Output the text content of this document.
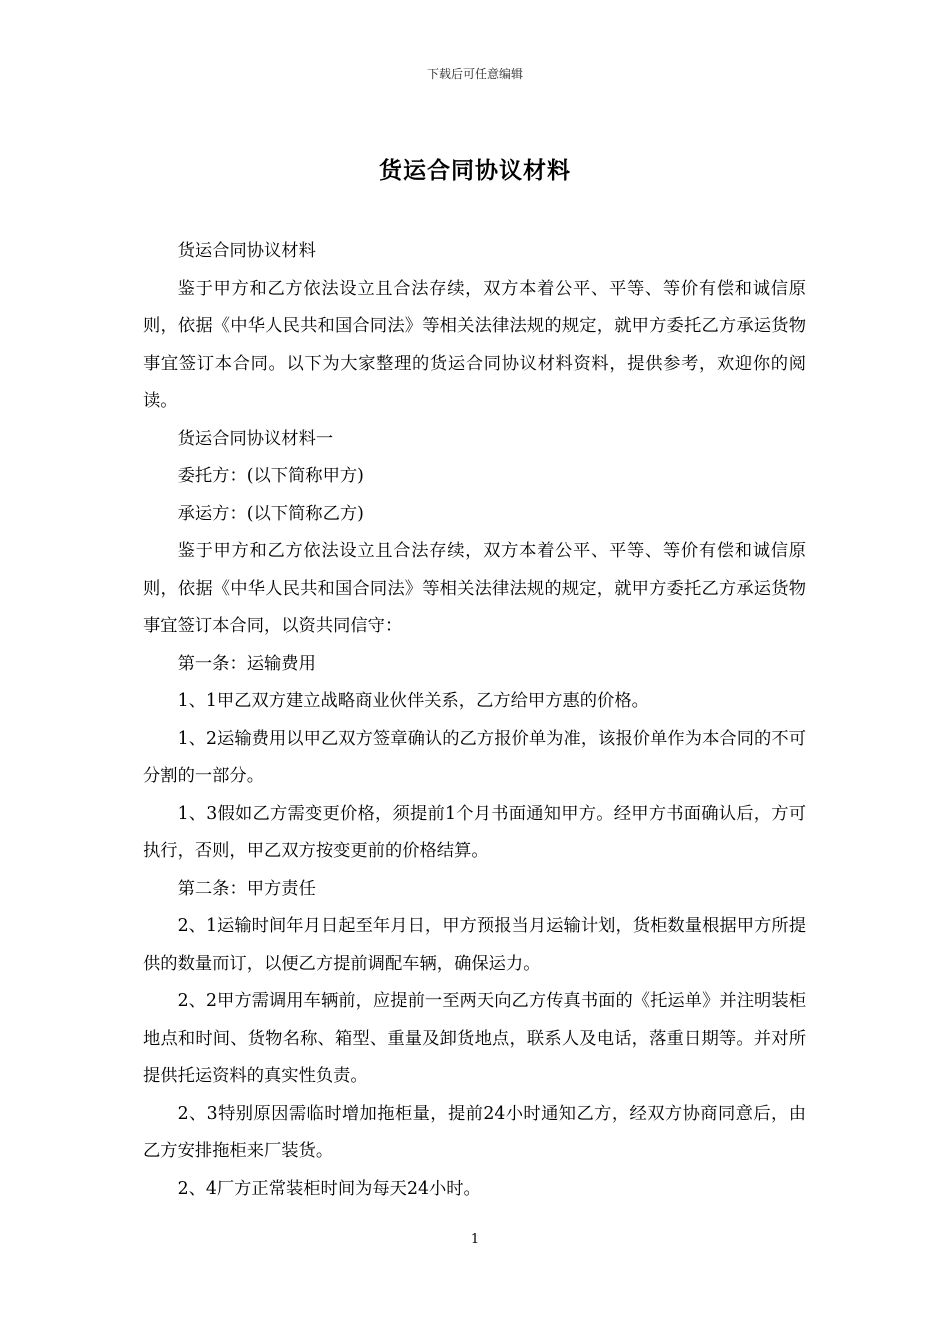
下载后可任意编辑
货运合同协议材料

货运合同协议材料

鉴于甲方和乙方依法设立且合法存续，双方本着公平、平等、等价有偿和诚信原则，依据《中华人民共和国合同法》等相关法律法规的规定，就甲方委托乙方承运货物事宜签订本合同。以下为大家整理的货运合同协议材料资料，提供参考，欢迎你的阅读。

货运合同协议材料一

委托方：(以下简称甲方)

承运方：(以下简称乙方)

鉴于甲方和乙方依法设立且合法存续，双方本着公平、平等、等价有偿和诚信原则，依据《中华人民共和国合同法》等相关法律法规的规定，就甲方委托乙方承运货物事宜签订本合同，以资共同信守：

第一条：运输费用

1、1甲乙双方建立战略商业伙伴关系，乙方给甲方惠的价格。

1、2运输费用以甲乙双方签章确认的乙方报价单为准，该报价单作为本合同的不可分割的一部分。

1、3假如乙方需变更价格，须提前1个月书面通知甲方。经甲方书面确认后，方可执行，否则，甲乙双方按变更前的价格结算。

第二条：甲方责任

2、1运输时间年月日起至年月日，甲方预报当月运输计划，货柜数量根据甲方所提供的数量而订，以便乙方提前调配车辆，确保运力。

2、2甲方需调用车辆前，应提前一至两天向乙方传真书面的《托运单》并注明装柜地点和时间、货物名称、箱型、重量及卸货地点，联系人及电话，落重日期等。并对所提供托运资料的真实性负责。

2、3特别原因需临时增加拖柜量，提前24小时通知乙方，经双方协商同意后，由乙方安排拖柜来厂装货。

2、4厂方正常装柜时间为每天24小时。

1
